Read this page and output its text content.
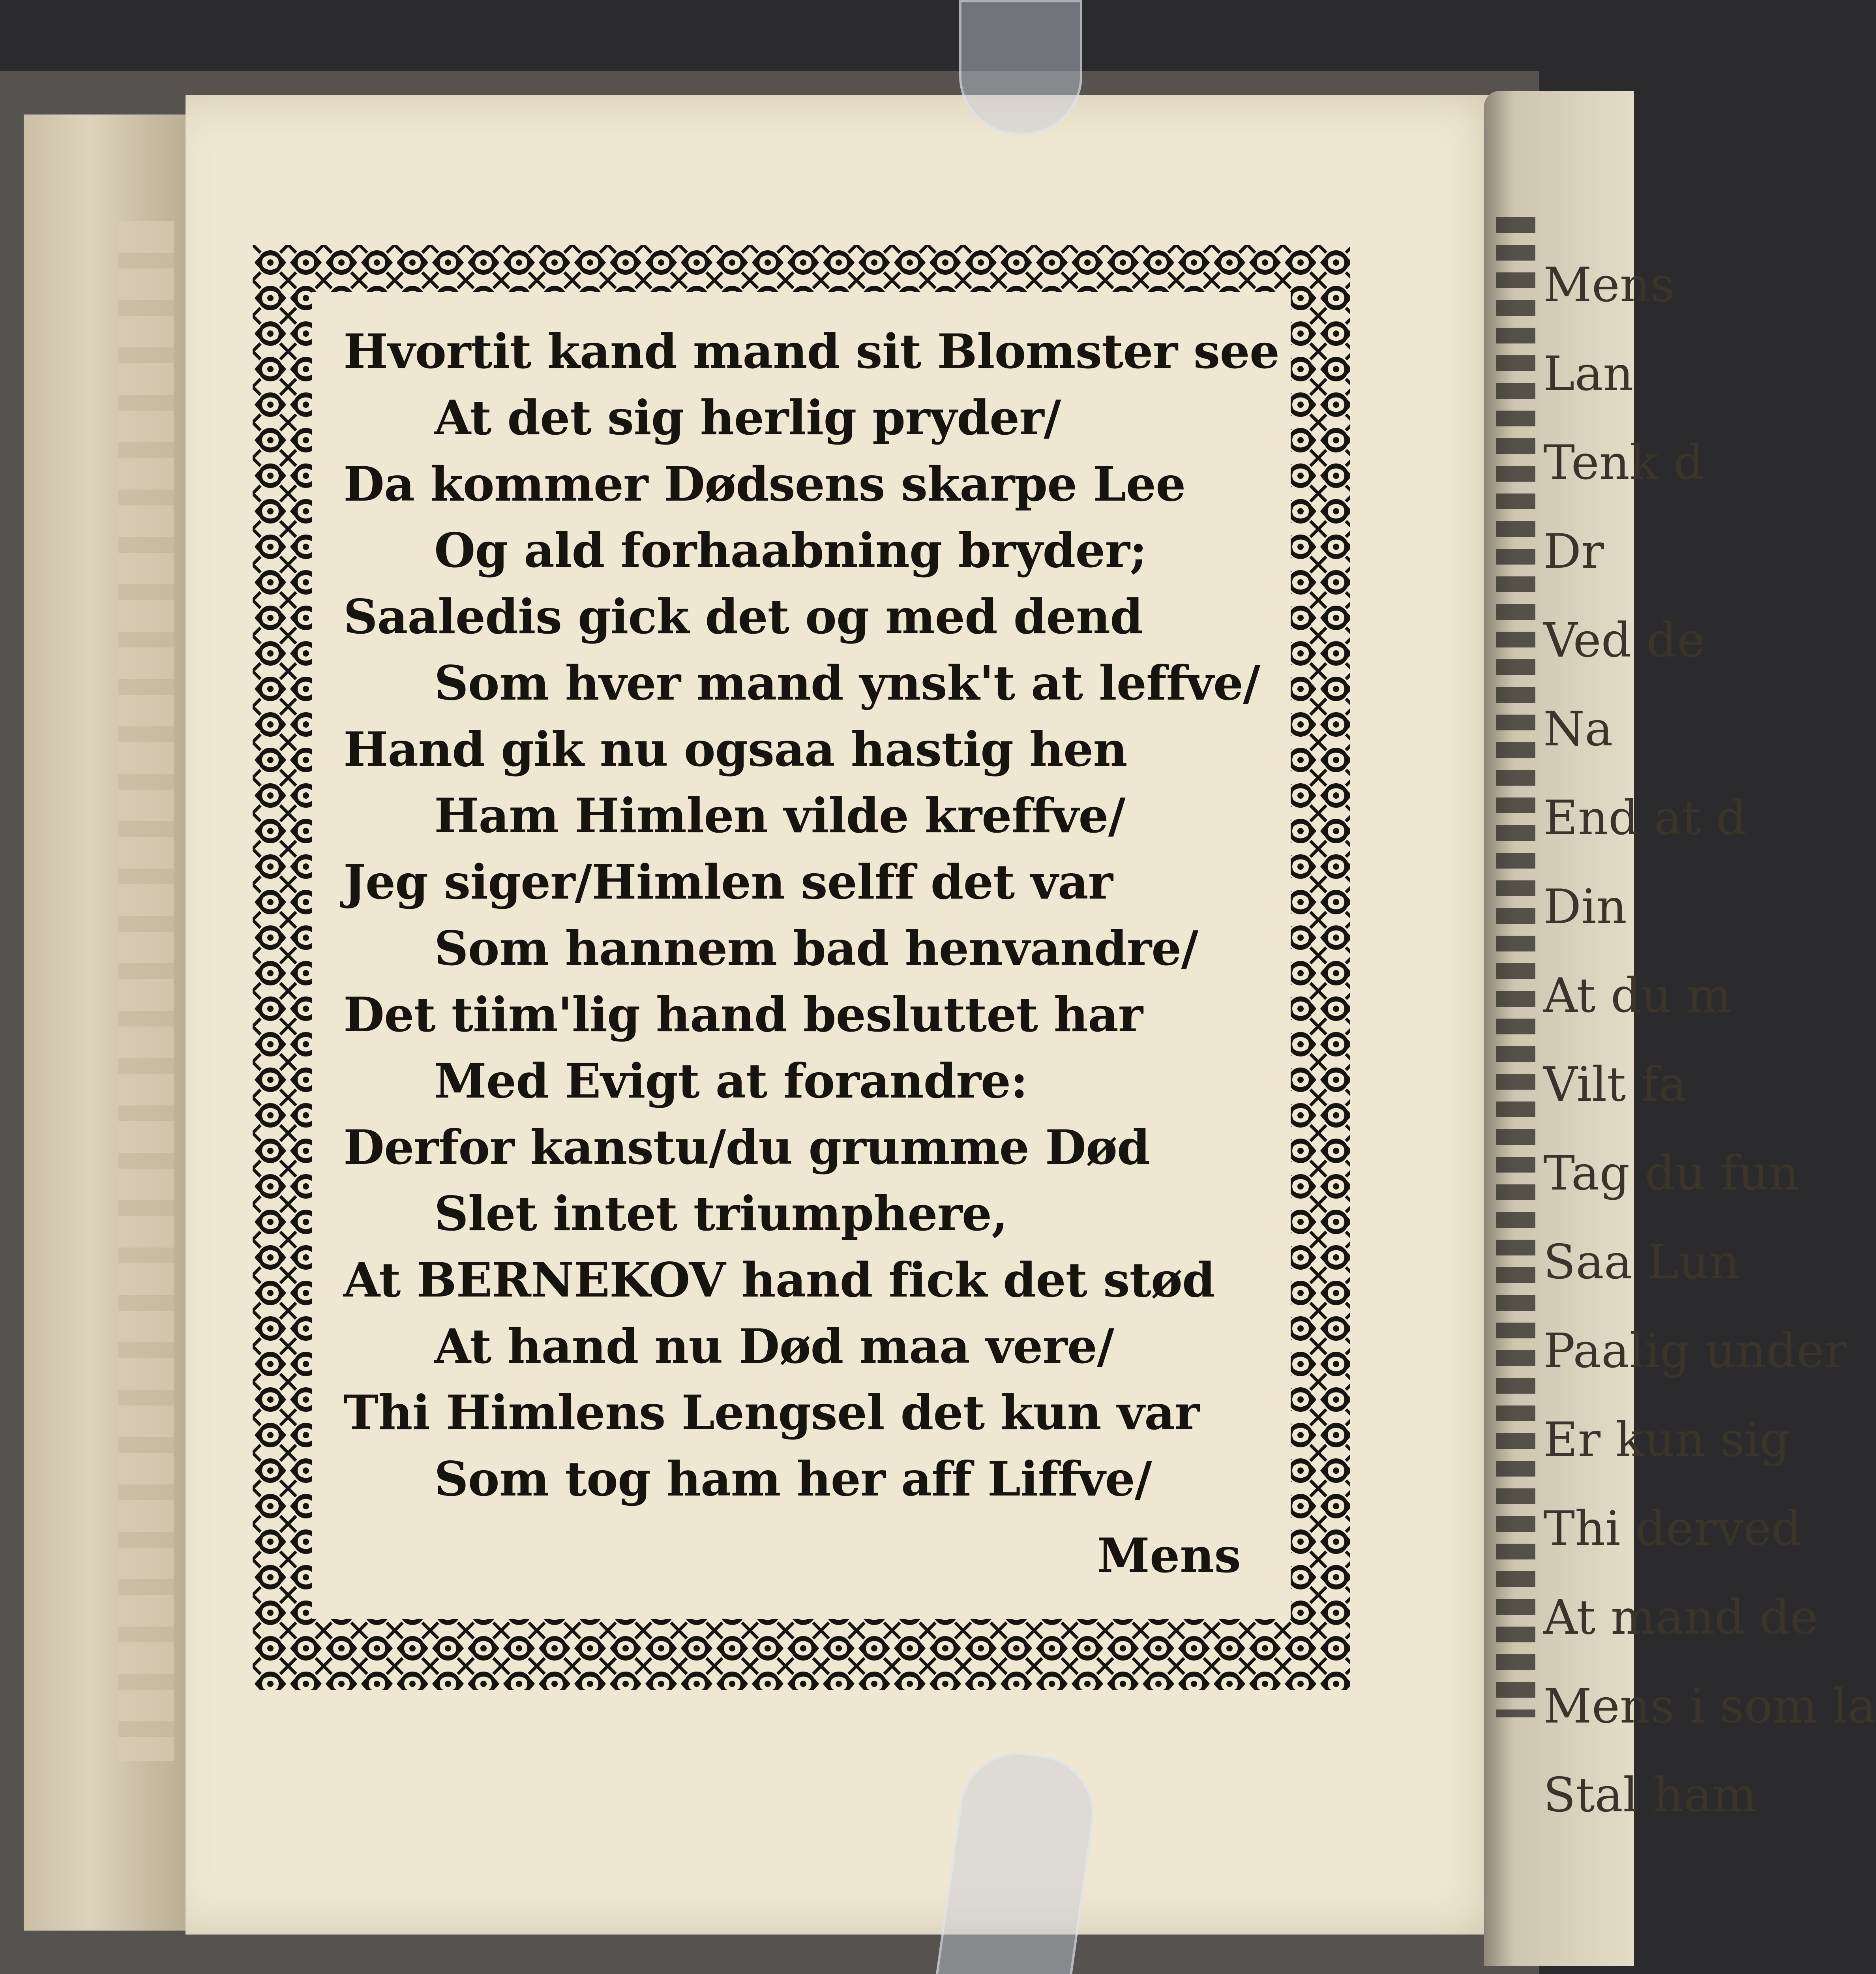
Mens
Lan
Tenk d
Dr
Ved de
Na
End at d
Din
At du m
Vilt fa
Tag du fun
Saa Lun
Paalig under
Er kun sig
Thi derved
At mand de
Mens i som la
Stal ham
Hvortit kand mand sit Blomster see
At det sig herlig pryder/
Da kommer Dødsens skarpe Lee
Og ald forhaabning bryder;
Saaledis gick det og med dend
Som hver mand ynsk't at leffve/
Hand gik nu ogsaa hastig hen
Ham Himlen vilde kreffve/
Jeg siger/Himlen selff det var
Som hannem bad henvandre/
Det tiim'lig hand besluttet har
Med Evigt at forandre:
Derfor kanstu/du grumme Død
Slet intet triumphere,
At BERNEKOV hand fick det stød
At hand nu Død maa vere/
Thi Himlens Lengsel det kun var
Som tog ham her aff Liffve/
Mens
